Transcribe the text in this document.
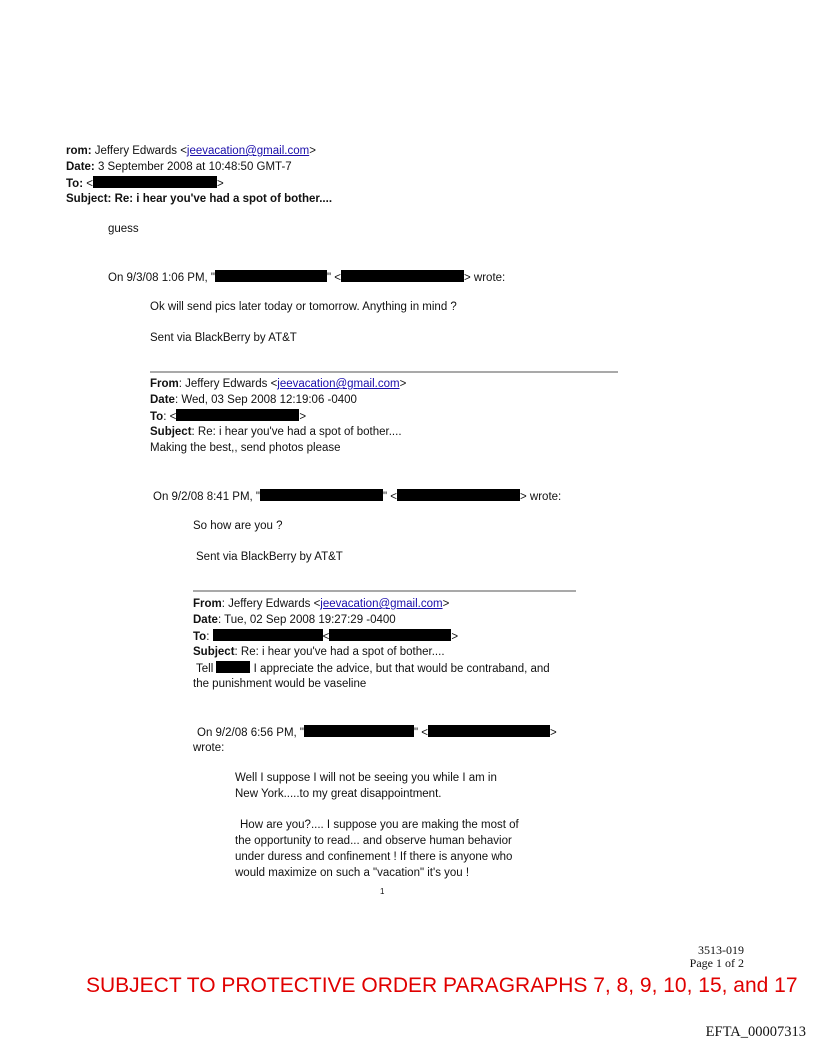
rom: Jeffery Edwards <jeevacation@gmail.com>
Date: 3 September 2008 at 10:48:50 GMT-7
To: <	>
Subject: Re: i hear you've had a spot of bother....
guess
On 9/3/08 1:06 PM, "	" <	> wrote:
Ok will send pics later today or tomorrow. Anything in mind ?
Sent via BlackBerry by AT&T
From: Jeffery Edwards <jeevacation@gmail.com>
Date: Wed, 03 Sep 2008 12:19:06 -0400
To: <	>
Subject: Re: i hear you've had a spot of bother....
Making the best,, send photos please
On 9/2/08 8:41 PM, "	" <	> wrote:
So how are you ?
Sent via BlackBerry by AT&T
From: Jeffery Edwards <jeevacation@gmail.com>
Date: Tue, 02 Sep 2008 19:27:29 -0400
To:	<	>
Subject: Re: i hear you've had a spot of bother....
Tell	I appreciate the advice, but that would be contraband, and
the punishment would be vaseline
On 9/2/08 6:56 PM, "	" <	>
wrote:
Well I suppose I will not be seeing you while I am in
New York.....to my great disappointment.
How are you?.... I suppose you are making the most of
the opportunity to read... and observe human behavior
under duress and confinement ! If there is anyone who
would maximize on such a "vacation" it's you !
1
3513-019
Page 1 of 2
SUBJECT TO PROTECTIVE ORDER PARAGRAPHS 7, 8, 9, 10, 15, and 17
EFTA_00007313
